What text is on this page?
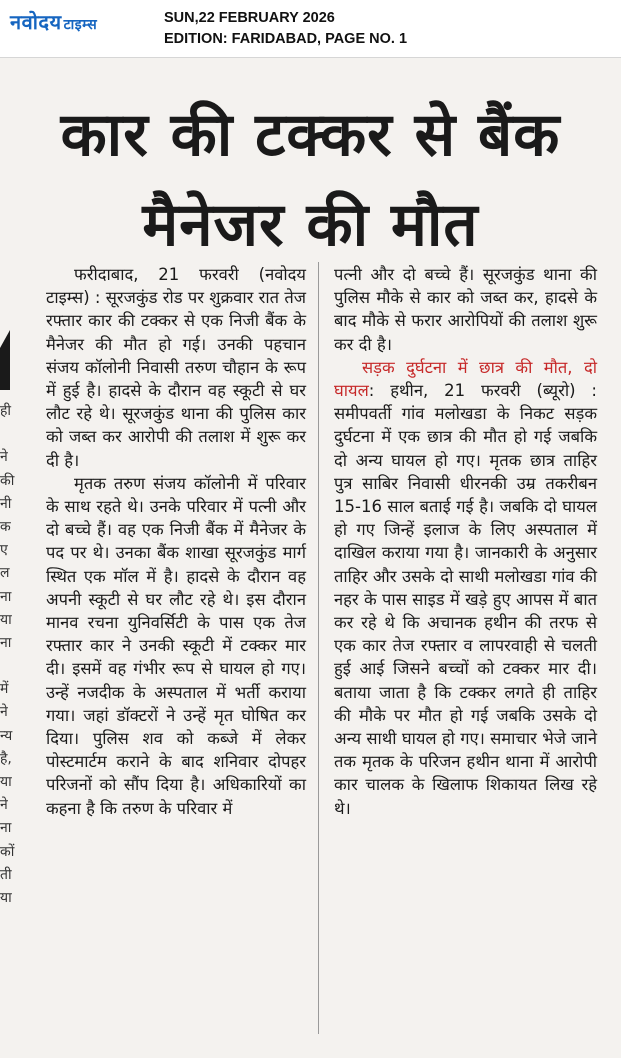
नवोदय टाइम्स	SUN,22 FEBRUARY 2026
EDITION: FARIDABAD, PAGE NO. 1
ही
ने
की
नी
क
ए
ल
ना
या
ना
में
ने
न्य
है,
या
ने
ना
कों
ती
या
कार की टक्कर से बैंक
मैनेजर की मौत

फरीदाबाद, 21 फरवरी (नवोदय टाइम्स) : सूरजकुंड रोड पर शुक्रवार रात तेज रफ्तार कार की टक्कर से एक निजी बैंक के मैनेजर की मौत हो गई। उनकी पहचान संजय कॉलोनी निवासी तरुण चौहान के रूप में हुई है। हादसे के दौरान वह स्कूटी से घर लौट रहे थे। सूरजकुंड थाना की पुलिस कार को जब्त कर आरोपी की तलाश में शुरू कर दी है।

मृतक तरुण संजय कॉलोनी में परिवार के साथ रहते थे। उनके परिवार में पत्नी और दो बच्चे हैं। वह एक निजी बैंक में मैनेजर के पद पर थे। उनका बैंक शाखा सूरजकुंड मार्ग स्थित एक मॉल में है। हादसे के दौरान वह अपनी स्कूटी से घर लौट रहे थे। इस दौरान मानव रचना युनिवर्सिटी के पास एक तेज रफ्तार कार ने उनकी स्कूटी में टक्कर मार दी। इसमें वह गंभीर रूप से घायल हो गए। उन्हें नजदीक के अस्पताल में भर्ती कराया गया। जहां डॉक्टरों ने उन्हें मृत घोषित कर दिया। पुलिस शव को कब्जे में लेकर पोस्टमार्टम कराने के बाद शनिवार दोपहर परिजनों को सौंप दिया है। अधिकारियों का कहना है कि तरुण के परिवार में

पत्नी और दो बच्चे हैं। सूरजकुंड थाना की पुलिस मौके से कार को जब्त कर, हादसे के बाद मौके से फरार आरोपियों की तलाश शुरू कर दी है।

सड़क दुर्घटना में छात्र की मौत, दो घायल: हथीन, 21 फरवरी (ब्यूरो) : समीपवर्ती गांव मलोखडा के निकट सड़क दुर्घटना में एक छात्र की मौत हो गई जबकि दो अन्य घायल हो गए। मृतक छात्र ताहिर पुत्र साबिर निवासी धीरनकी उम्र तकरीबन 15-16 साल बताई गई है। जबकि दो घायल हो गए जिन्हें इलाज के लिए अस्पताल में दाखिल कराया गया है। जानकारी के अनुसार ताहिर और उसके दो साथी मलोखडा गांव की नहर के पास साइड में खड़े हुए आपस में बात कर रहे थे कि अचानक हथीन की तरफ से एक कार तेज रफ्तार व लापरवाही से चलती हुई आई जिसने बच्चों को टक्कर मार दी। बताया जाता है कि टक्कर लगते ही ताहिर की मौके पर मौत हो गई जबकि उसके दो अन्य साथी घायल हो गए। समाचार भेजे जाने तक मृतक के परिजन हथीन थाना में आरोपी कार चालक के खिलाफ शिकायत लिख रहे थे।
